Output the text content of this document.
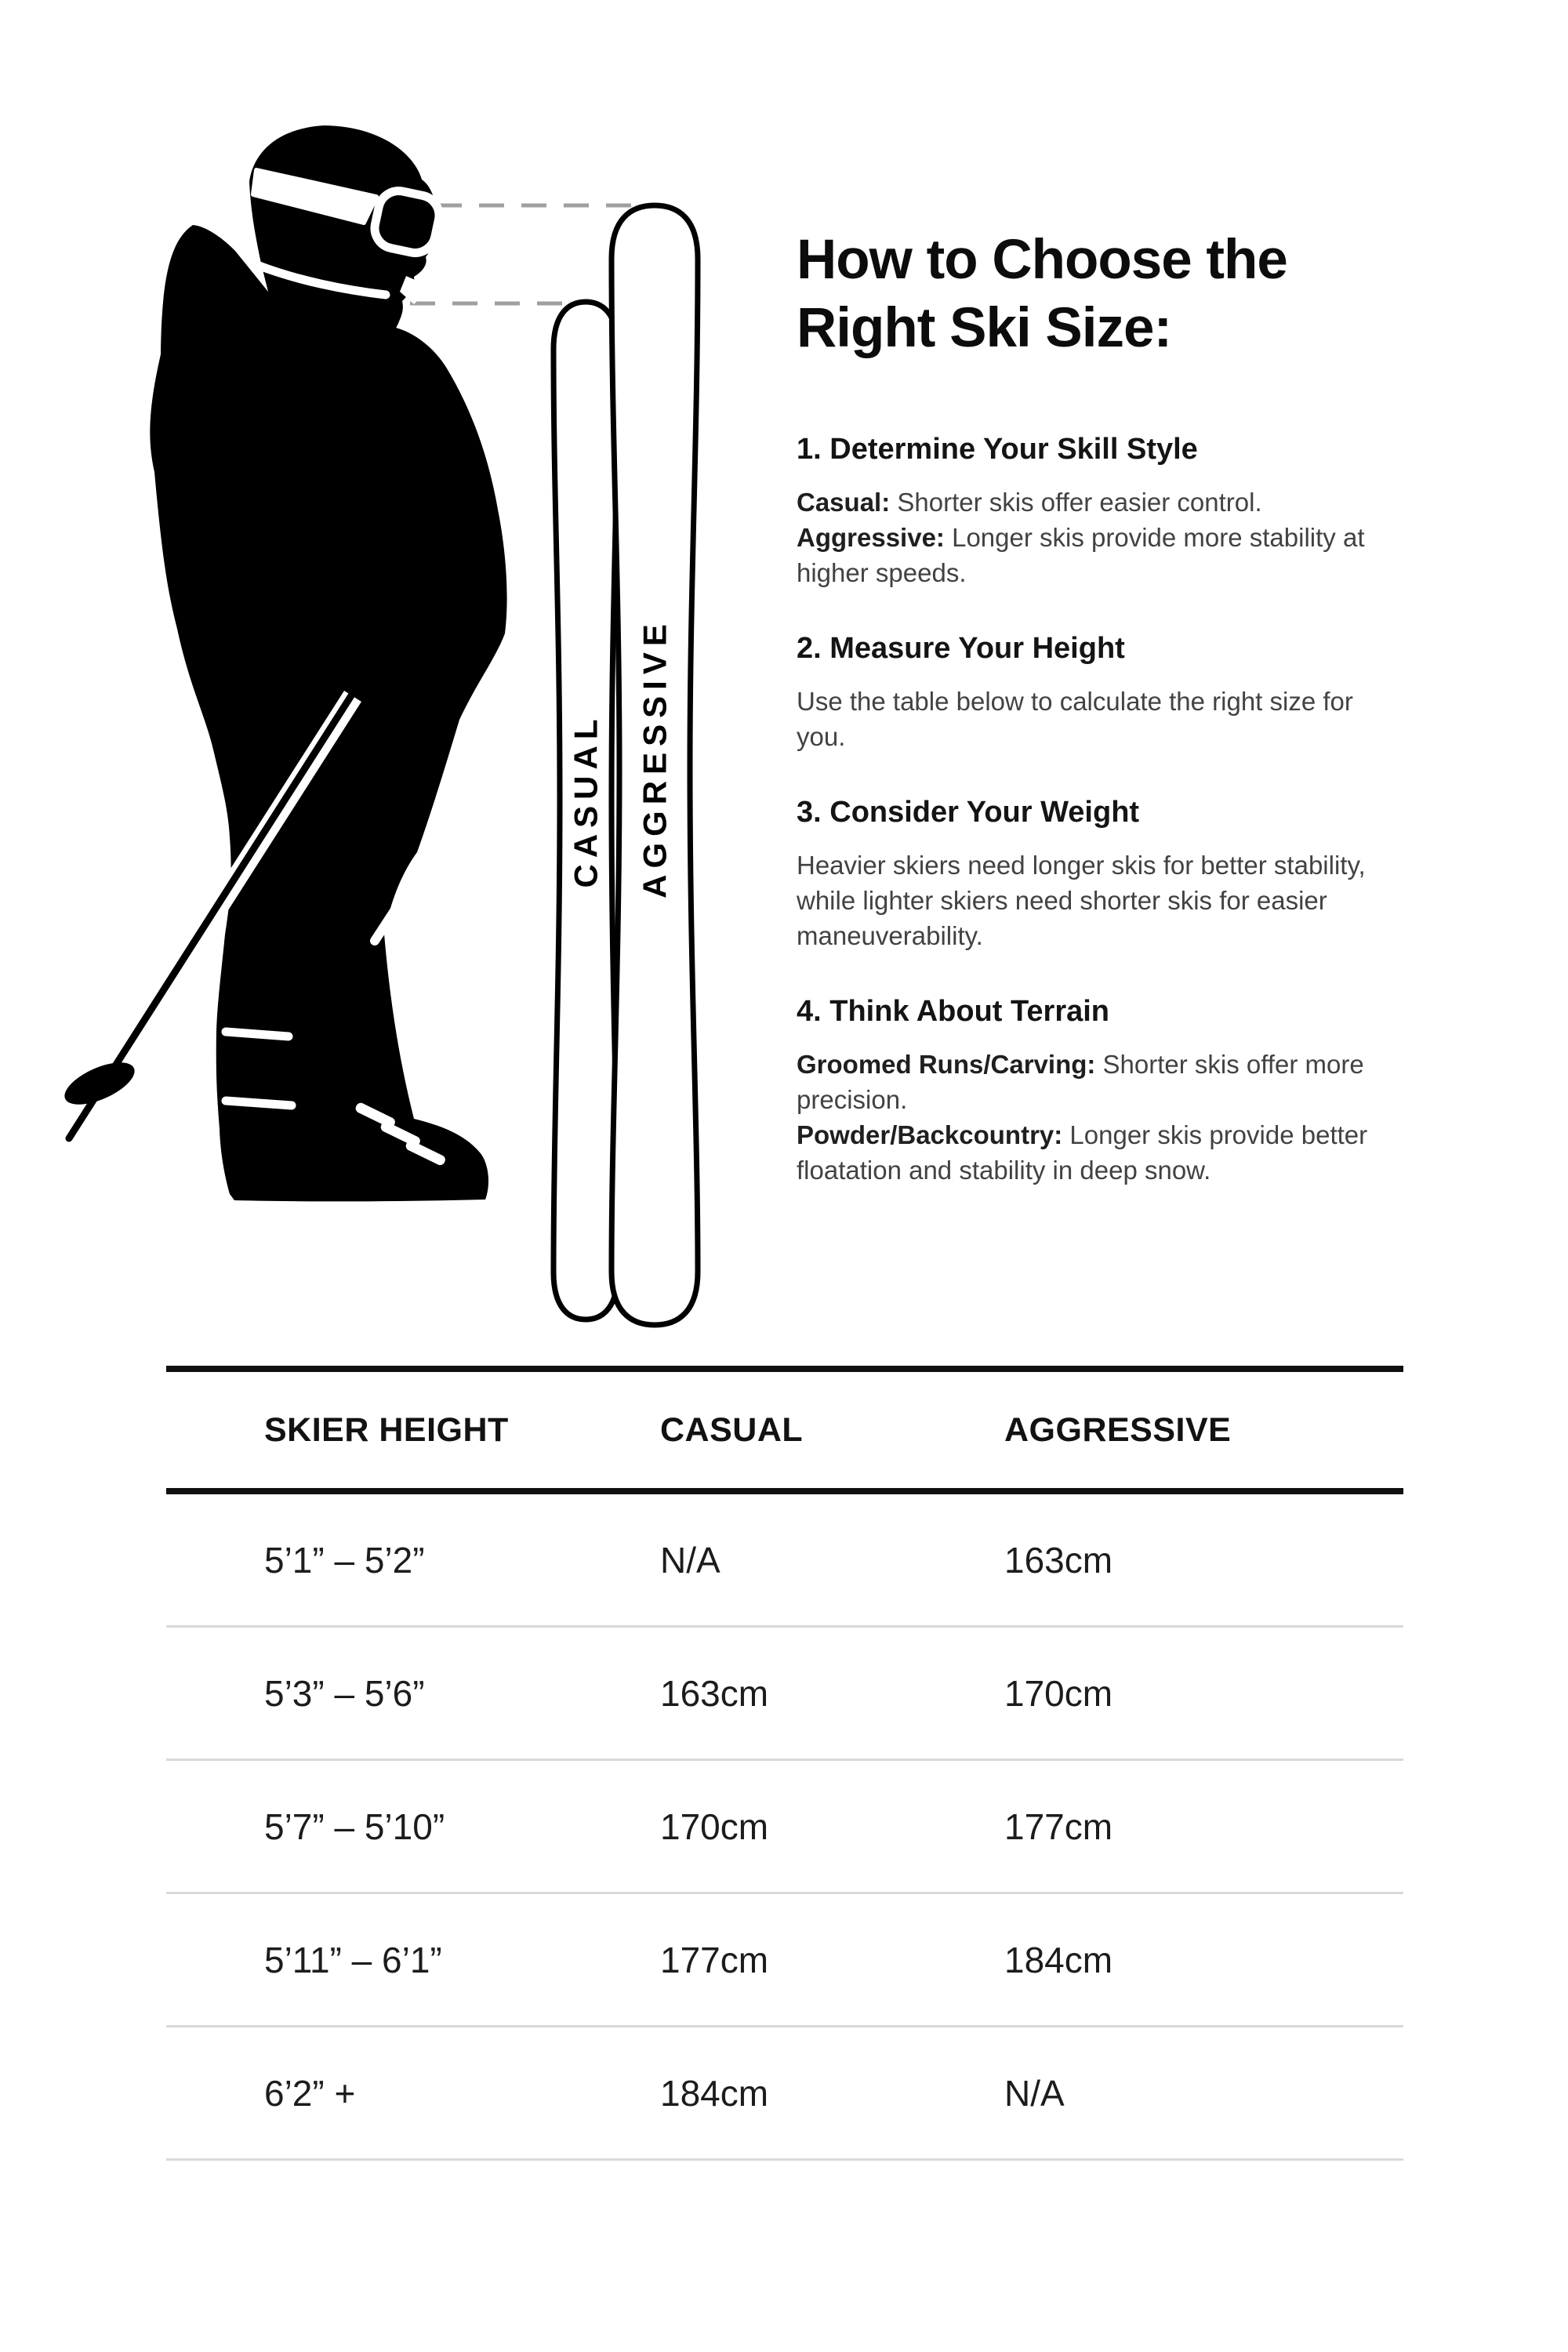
CASUAL AGGRESSIVE
How to Choose the
Right Ski Size:
1. Determine Your Skill Style

Casual: Shorter skis offer easier control.
Aggressive: Longer skis provide more stability at higher speeds.

2. Measure Your Height

Use the table below to calculate the right size for you.

3. Consider Your Weight

Heavier skiers need longer skis for better stability, while lighter skiers need shorter skis for easier maneuverability.

4. Think About Terrain

Groomed Runs/Carving: Shorter skis offer more precision.
Powder/Backcountry: Longer skis provide better floatation and stability in deep snow.

SKIER HEIGHT	CASUAL	AGGRESSIVE
5’1” – 5’2”	N/A	163cm
5’3” – 5’6”	163cm	170cm
5’7” – 5’10”	170cm	177cm
5’11” – 6’1”	177cm	184cm
6’2” +	184cm	N/A
